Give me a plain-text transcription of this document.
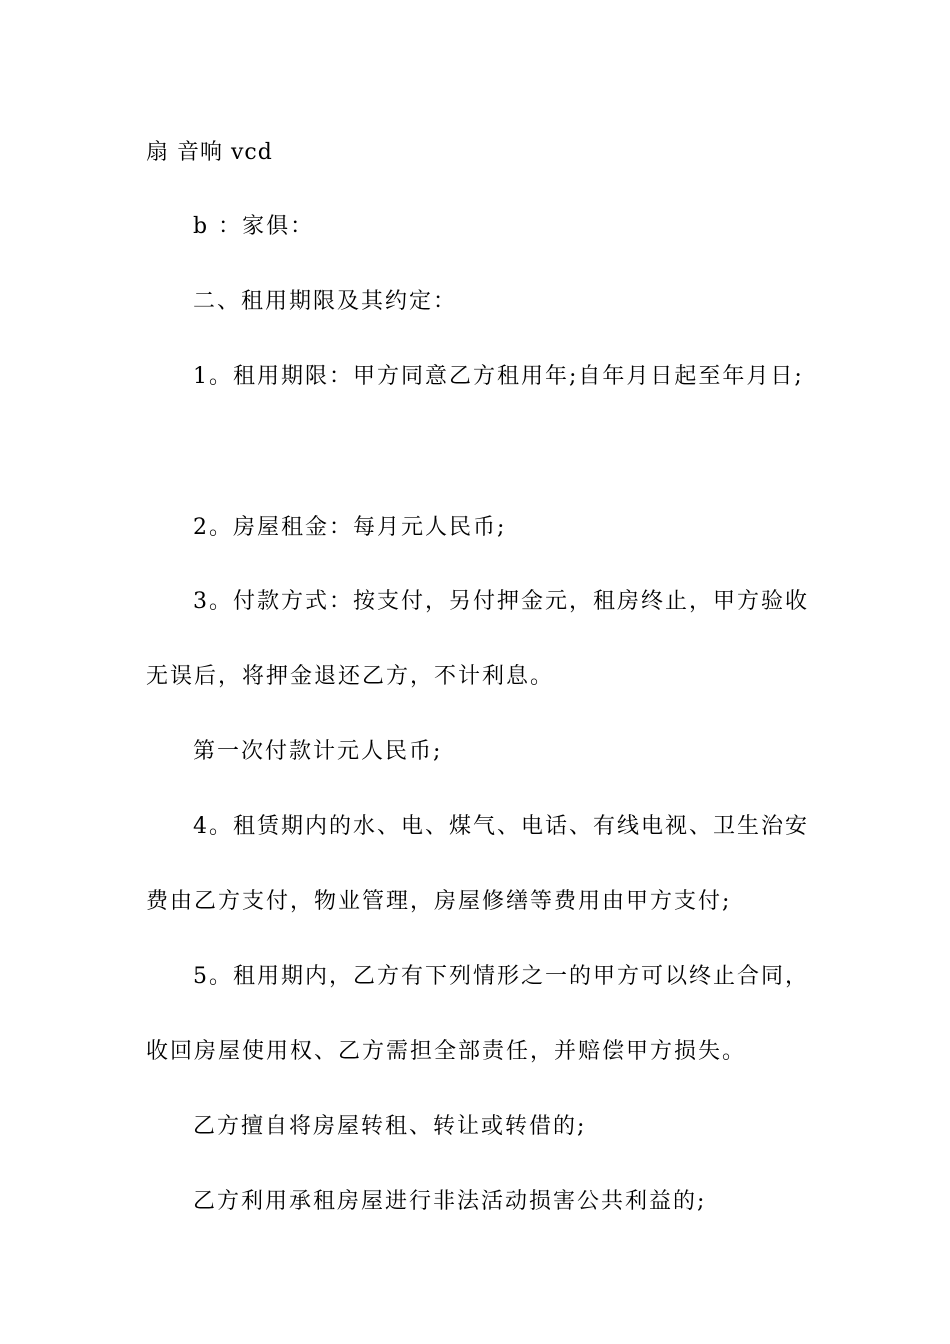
扇 音响 vcd
b ：家俱：
二、租用期限及其约定：
1。租用期限：甲方同意乙方租用年;自年月日起至年月日;
2。房屋租金：每月元人民币;
3。付款方式：按支付，另付押金元，租房终止，甲方验收
无误后，将押金退还乙方，不计利息。
第一次付款计元人民币;
4。租赁期内的水、电、煤气、电话、有线电视、卫生治安
费由乙方支付，物业管理，房屋修缮等费用由甲方支付;
5。租用期内，乙方有下列情形之一的甲方可以终止合同，
收回房屋使用权、乙方需担全部责任，并赔偿甲方损失。
乙方擅自将房屋转租、转让或转借的;
乙方利用承租房屋进行非法活动损害公共利益的;
